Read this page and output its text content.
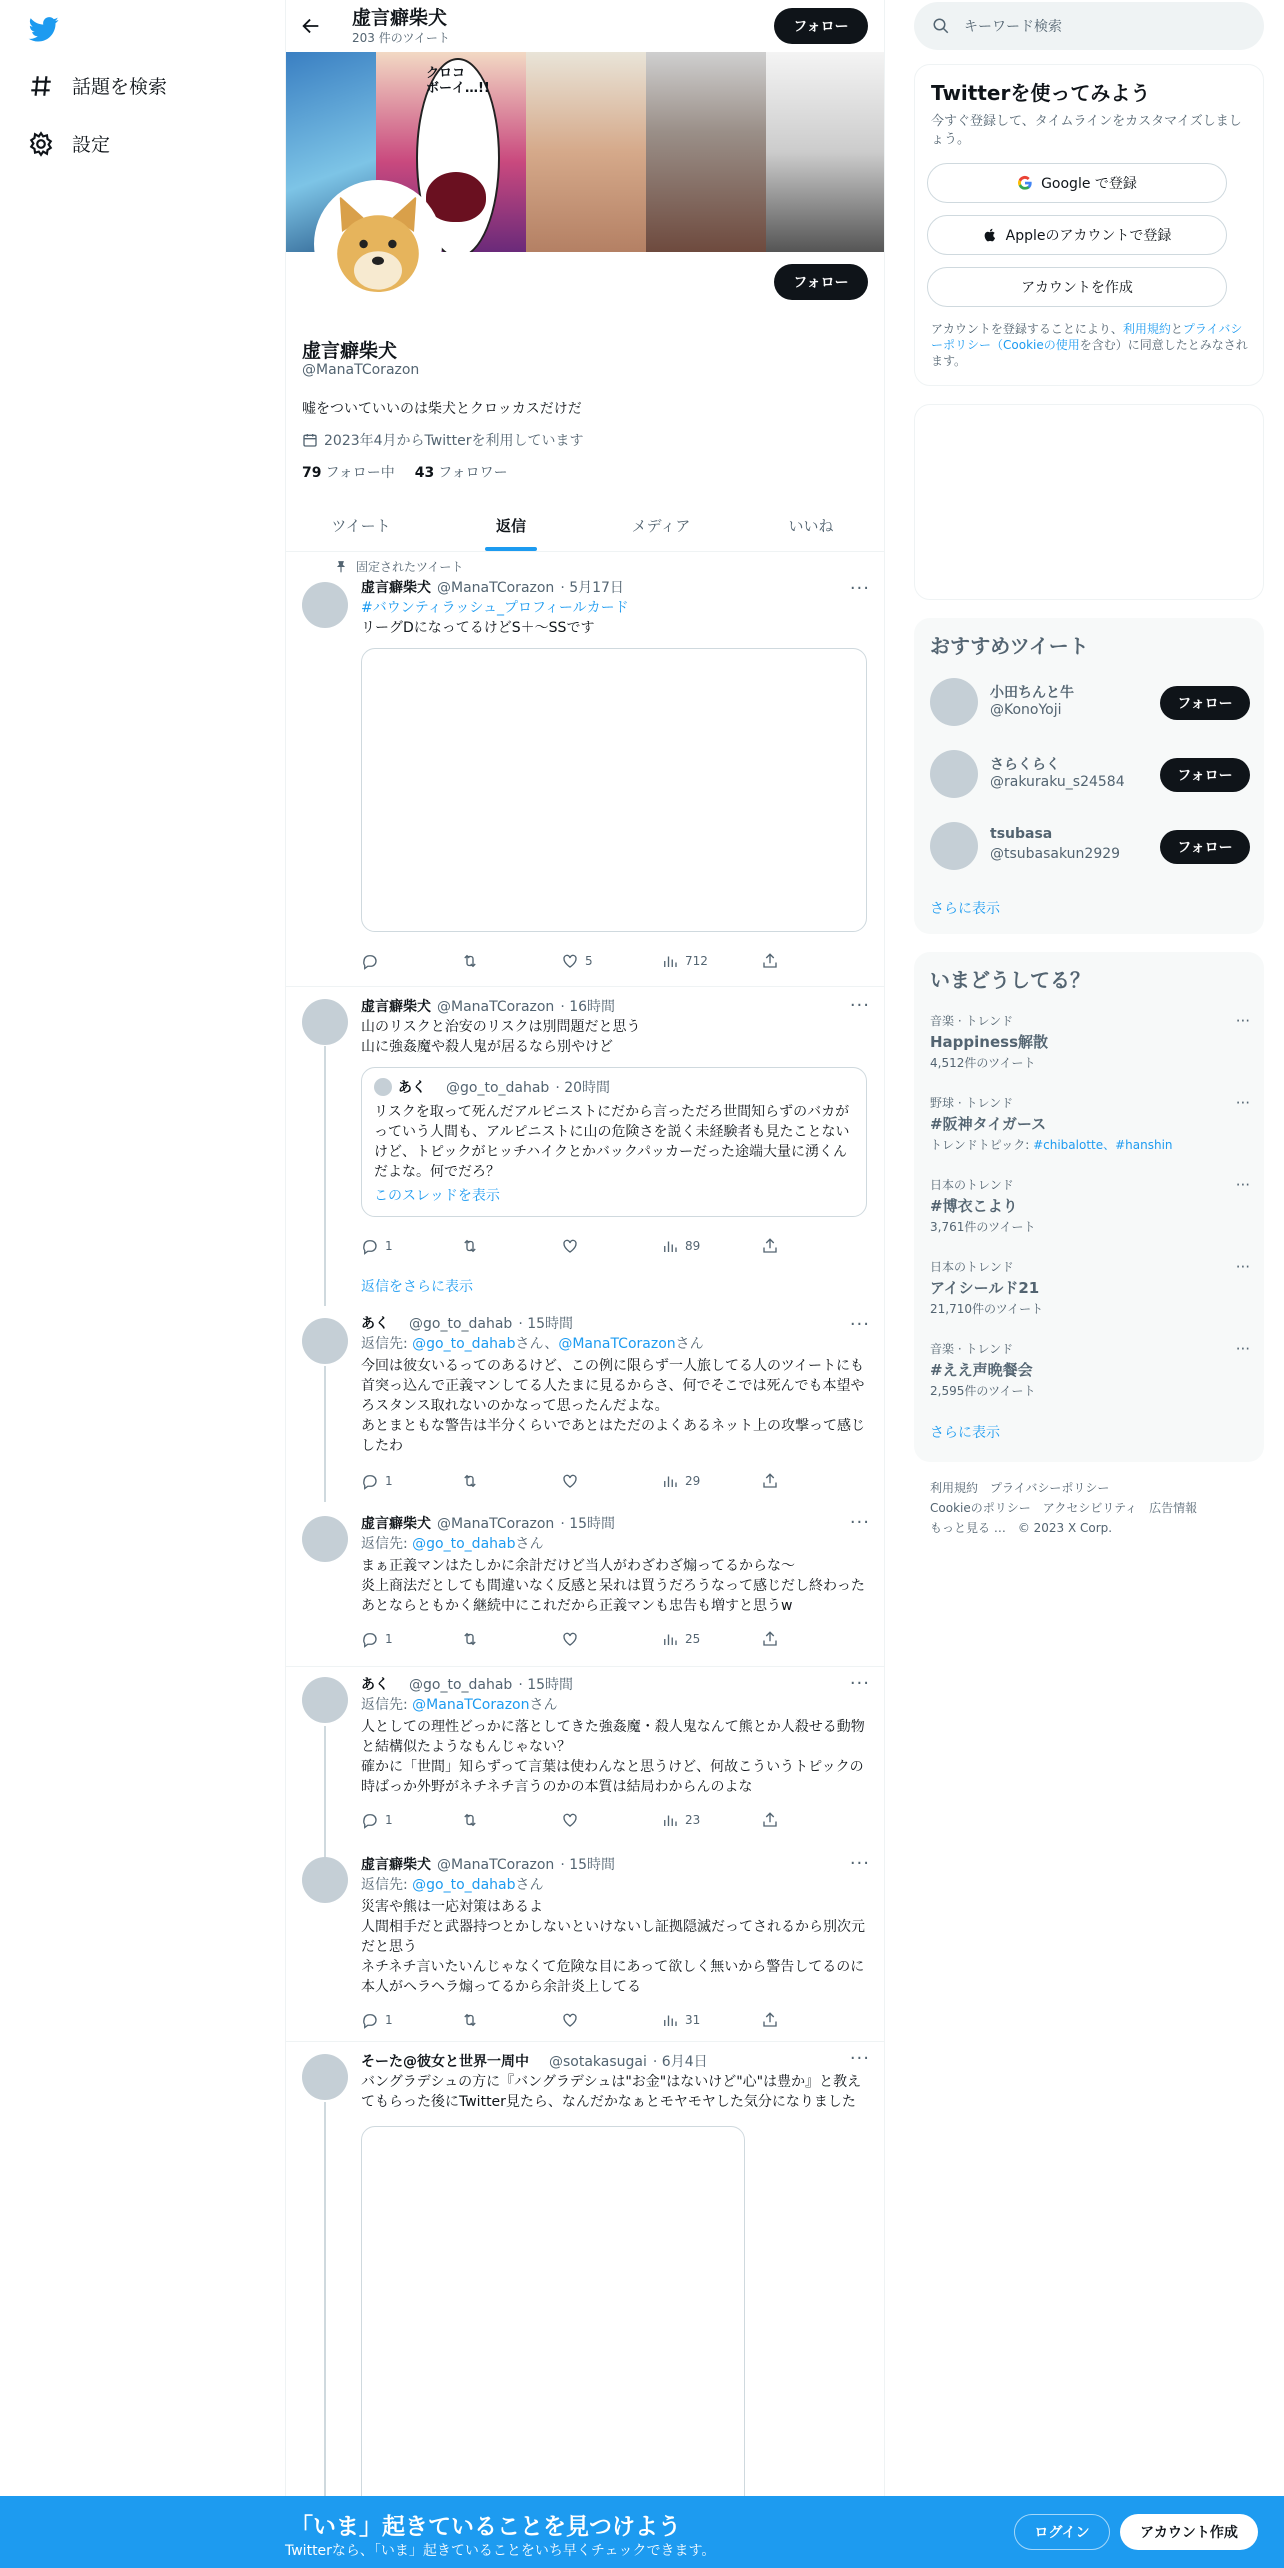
話題を検索
設定
虚言癖柴犬
203 件のツイート
フォロー
クロコ
ボーイ…!!
フォロー
虚言癖柴犬
@ManaTCorazon
嘘をついていいのは柴犬とクロッカスだけだ
2023年4月からTwitterを利用しています
79 フォロー中 43 フォロワー
ツイート	返信	メディア	いいね
固定されたツイート
···
虚言癖柴犬 @ManaTCorazon · 5月17日
#バウンティラッシュ_プロフィールカード
リーグDになってるけどS＋〜SSです
5	712
···
虚言癖柴犬 @ManaTCorazon · 16時間
山のリスクと治安のリスクは別問題だと思う
山に強姦魔や殺人鬼が居るなら別やけど
あく @go_to_dahab · 20時間
リスクを取って死んだアルピニストにだから言っただろ世間知らずのバカがっていう人間も、アルピニストに山の危険さを説く未経験者も見たことないけど、トピックがヒッチハイクとかバックパッカーだった途端大量に湧くんだよな。何でだろ？
このスレッドを表示
1	89
返信をさらに表示
···
あく @go_to_dahab · 15時間
返信先: @go_to_dahabさん、@ManaTCorazonさん
今回は彼女いるってのあるけど、この例に限らず一人旅してる人のツイートにも首突っ込んで正義マンしてる人たまに見るからさ、何でそこでは死んでも本望やろスタンス取れないのかなって思ったんだよな。
あとまともな警告は半分くらいであとはただのよくあるネット上の攻撃って感じしたわ
1	29
···
虚言癖柴犬 @ManaTCorazon · 15時間
返信先: @go_to_dahabさん
まぁ正義マンはたしかに余計だけど当人がわざわざ煽ってるからな〜
炎上商法だとしても間違いなく反感と呆れは買うだろうなって感じだし終わったあとならともかく継続中にこれだから正義マンも忠告も増すと思うw
1	25
···
あく @go_to_dahab · 15時間
返信先: @ManaTCorazonさん
人としての理性どっかに落としてきた強姦魔・殺人鬼なんて熊とか人殺せる動物と結構似たようなもんじゃない？
確かに「世間」知らずって言葉は使わんなと思うけど、何故こういうトピックの時ばっか外野がネチネチ言うのかの本質は結局わからんのよな
1	23
···
虚言癖柴犬 @ManaTCorazon · 15時間
返信先: @go_to_dahabさん
災害や熊は一応対策はあるよ
人間相手だと武器持つとかしないといけないし証拠隠滅だってされるから別次元だと思う
ネチネチ言いたいんじゃなくて危険な目にあって欲しく無いから警告してるのに本人がヘラヘラ煽ってるから余計炎上してる
1	31
···
そーた@彼女と世界一周中 @sotakasugai · 6月4日
バングラデシュの方に『バングラデシュは"お金"はないけど"心"は豊か』と教えてもらった後にTwitter見たら、なんだかなぁとモヤモヤした気分になりました
キーワード検索
Twitterを使ってみよう
今すぐ登録して、タイムラインをカスタマイズしましょう。
Google で登録
Appleのアカウントで登録
アカウントを作成
アカウントを登録することにより、利用規約とプライバシーポリシー（Cookieの使用を含む）に同意したとみなされます。
おすすめツイート
小田ちんと牛
@KonoYoji	フォロー
さらくらく
@rakuraku_s24584	フォロー
tsubasa
@tsubasakun2929	フォロー
さらに表示
いまどうしてる？
音楽 · トレンド
Happiness解散
4,512件のツイート
···
野球 · トレンド
#阪神タイガース
トレンドトピック: #chibalotte、#hanshin
···
日本のトレンド
#博衣こより
3,761件のツイート
···
日本のトレンド
アイシールド21
21,710件のツイート
···
音楽 · トレンド
#ええ声晩餐会
2,595件のツイート
···
さらに表示
利用規約　プライバシーポリシー
Cookieのポリシー　アクセシビリティ　広告情報
もっと見る …　© 2023 X Corp.
「いま」起きていることを見つけよう
Twitterなら、「いま」起きていることをいち早くチェックできます。
ログイン	アカウント作成
